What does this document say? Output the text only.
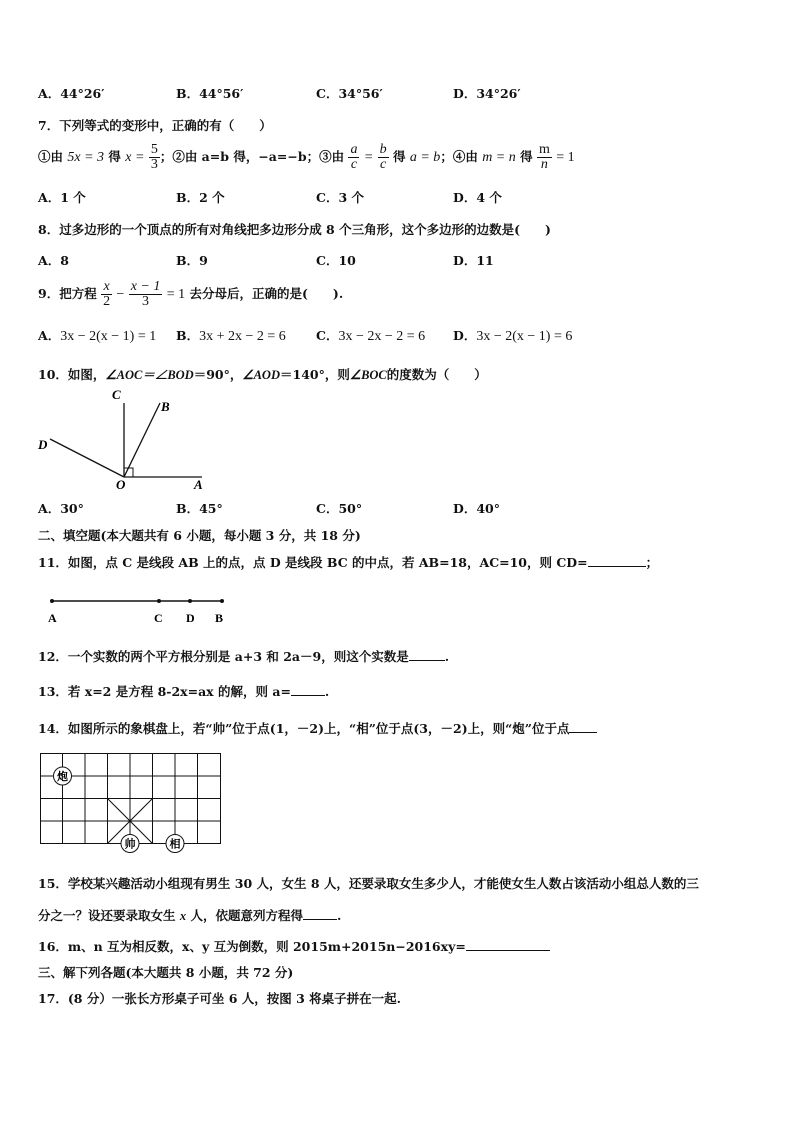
A．44°26′	B．44°56′	C．34°56′	D．34°26′
7．下列等式的变形中，正确的有（　　）
①由 5x = 3 得 $x = \frac{5}{3}$ ；②由 a=b 得，−a=−b；③由 $\frac{a}{c} = \frac{b}{c}$ 得 a = b；④由 m = n 得 $\frac{m}{n} = 1$
A．1 个	B．2 个	C．3 个	D．4 个
8．过多边形的一个顶点的所有对角线把多边形分成 8 个三角形，这个多边形的边数是(　　)
A．8	B．9	C．10	D．11
9．把方程 $\frac{x}{2} - \frac{x - 1}{3} = 1$ 去分母后，正确的是(　　).
A．3x − 2(x − 1) = 1 B．3x + 2x − 2 = 6 C．3x − 2x − 2 = 6 D．3x − 2(x − 1) = 6
10．如图，∠AOC＝∠BOD＝90°，∠AOD＝140°，则∠BOC的度数为（　　）
C
B
D
O	A
A．30°	B．45°	C．50°	D．40°
二、填空题(本大题共有 6 小题，每小题 3 分，共 18 分)
11．如图，点 C 是线段 AB 上的点，点 D 是线段 BC 的中点，若 AB=18，AC=10，则 CD=	；
A	C D B
12．一个实数的两个平方根分别是 a+3 和 2a－9，则这个实数是	.
13．若 x=2 是方程 8-2x=ax 的解，则 a=	.
14．如图所示的象棋盘上，若“帅”位于点(1，－2)上，“相”位于点(3，－2)上，则“炮”位于点
炮
帅	相
15．学校某兴趣活动小组现有男生 30 人，女生 8 人，还要录取女生多少人，才能使女生人数占该活动小组总人数的三
分之一？设还要录取女生 x 人，依题意列方程得	.
16．m、n 互为相反数，x、y 互为倒数，则 2015m+2015n−2016xy=
三、解下列各题(本大题共 8 小题，共 72 分)
17．(8 分）一张长方形桌子可坐 6 人，按图 3 将桌子拼在一起.
